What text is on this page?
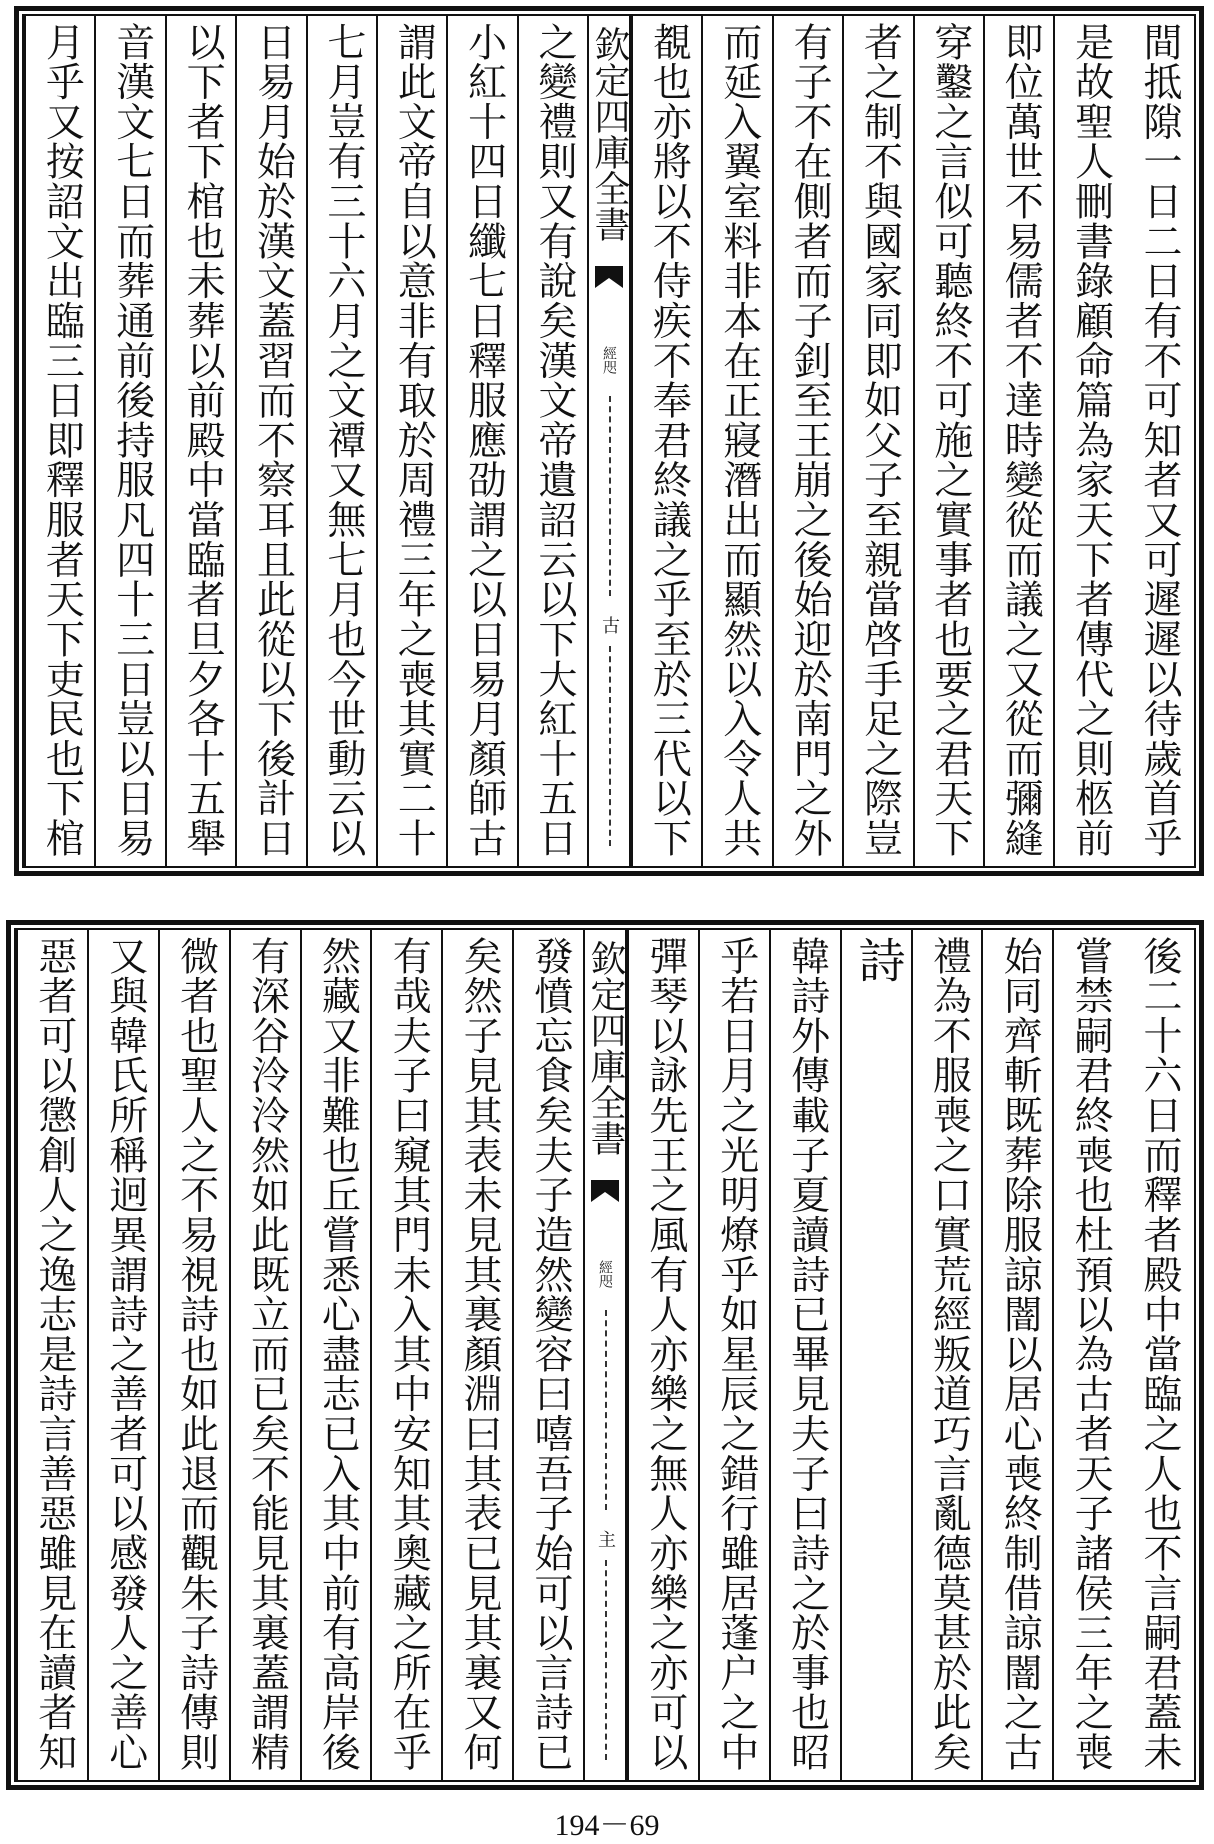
間抵隙一日二日有不可知者又可遲遲以待歲首乎
是故聖人刪書錄顧命篇為家天下者傳代之則柩前
即位萬世不易儒者不達時變從而議之又從而彌縫
穿鑿之言似可聽終不可施之實事者也要之君天下
者之制不與國家同即如父子至親當啓手足之際豈
有子不在側者而子釗至王崩之後始迎於南門之外
而延入翼室料非本在正寢潛出而顯然以入令人共
覩也亦將以不侍疾不奉君終議之乎至於三代以下
之變禮則又有說矣漢文帝遺詔云以下大紅十五日
小紅十四日纖七日釋服應劭謂之以日易月顏師古
謂此文帝自以意非有取於周禮三年之喪其實二十
七月豈有三十六月之文禫又無七月也今世動云以
日易月始於漢文蓋習而不察耳且此從以下後計日
以下者下棺也未葬以前殿中當臨者旦夕各十五舉
音漢文七日而葬通前後持服凡四十三日豈以日易
月乎又按詔文出臨三日即釋服者天下吏民也下棺	欽定四庫全書
經咫
古
後二十六日而釋者殿中當臨之人也不言嗣君蓋未
嘗禁嗣君終喪也杜預以為古者天子諸侯三年之喪
始同齊斬既葬除服諒闇以居心喪終制借諒闇之古
禮為不服喪之口實荒經叛道巧言亂德莫甚於此矣
詩
韓詩外傳載子夏讀詩已畢見夫子曰詩之於事也昭
乎若日月之光明燎乎如星辰之錯行雖居蓬户之中
彈琴以詠先王之風有人亦樂之無人亦樂之亦可以
發憤忘食矣夫子造然變容曰嘻吾子始可以言詩已
矣然子見其表未見其裏顏淵曰其表已見其裏又何
有哉夫子曰窺其門未入其中安知其奧藏之所在乎
然藏又非難也丘嘗悉心盡志已入其中前有高岸後
有深谷泠泠然如此既立而已矣不能見其裏蓋謂精
微者也聖人之不易視詩也如此退而觀朱子詩傳則
又與韓氏所稱迥異謂詩之善者可以感發人之善心
惡者可以懲創人之逸志是詩言善惡雖見在讀者知	欽定四庫全書
經咫
主
194－69
